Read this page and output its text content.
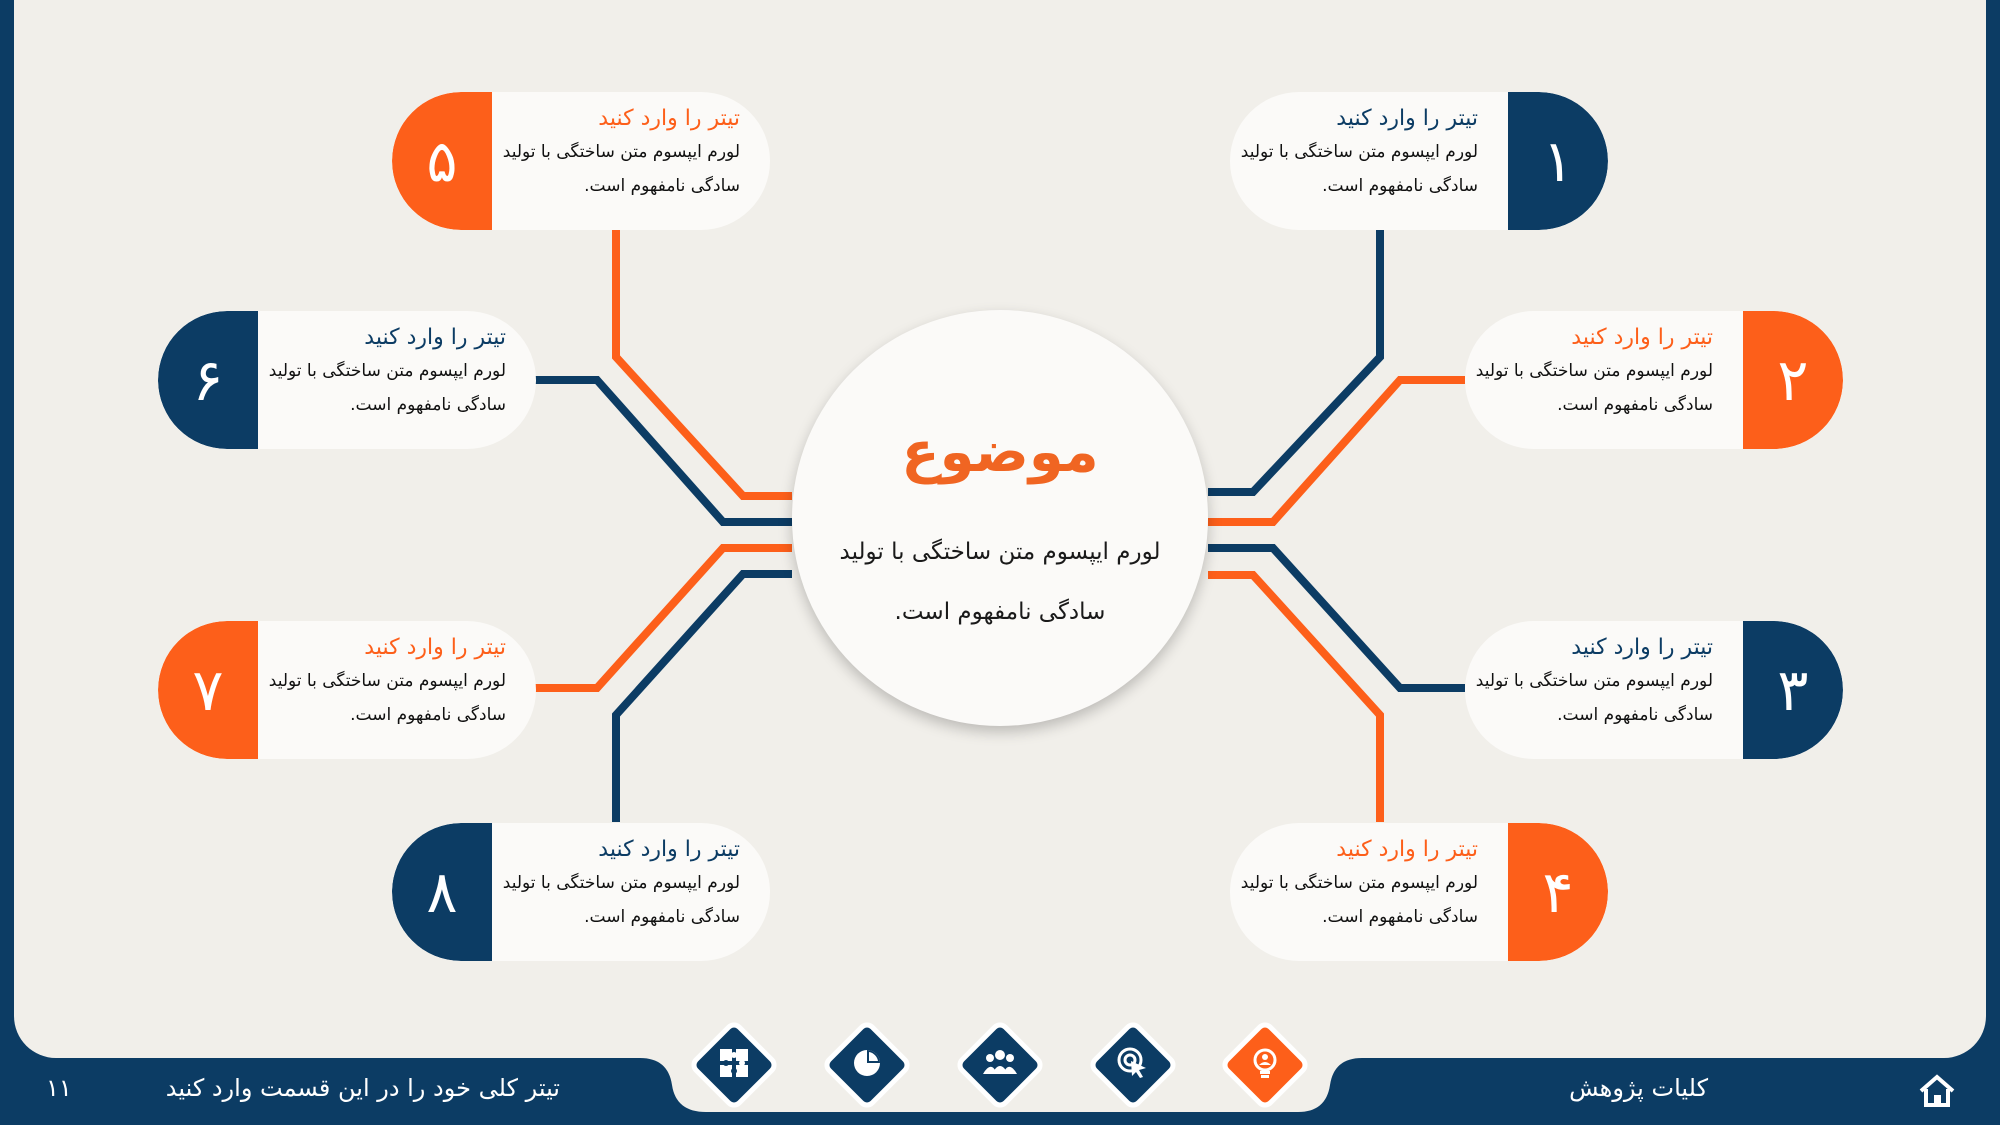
موضوع
لورم ایپسوم متن ساختگی با تولید سادگی نامفهوم است.
۱
تیتر را وارد کنید
لورم ایپسوم متن ساختگی با تولید سادگی نامفهوم است.
۲
تیتر را وارد کنید
لورم ایپسوم متن ساختگی با تولید سادگی نامفهوم است.
۳
تیتر را وارد کنید
لورم ایپسوم متن ساختگی با تولید سادگی نامفهوم است.
۴
تیتر را وارد کنید
لورم ایپسوم متن ساختگی با تولید سادگی نامفهوم است.
۵
تیتر را وارد کنید
لورم ایپسوم متن ساختگی با تولید سادگی نامفهوم است.
۶
تیتر را وارد کنید
لورم ایپسوم متن ساختگی با تولید سادگی نامفهوم است.
۷
تیتر را وارد کنید
لورم ایپسوم متن ساختگی با تولید سادگی نامفهوم است.
۸
تیتر را وارد کنید
لورم ایپسوم متن ساختگی با تولید سادگی نامفهوم است.
کلیات پژوهش
تیتر کلی خود را در این قسمت وارد کنید
۱۱
